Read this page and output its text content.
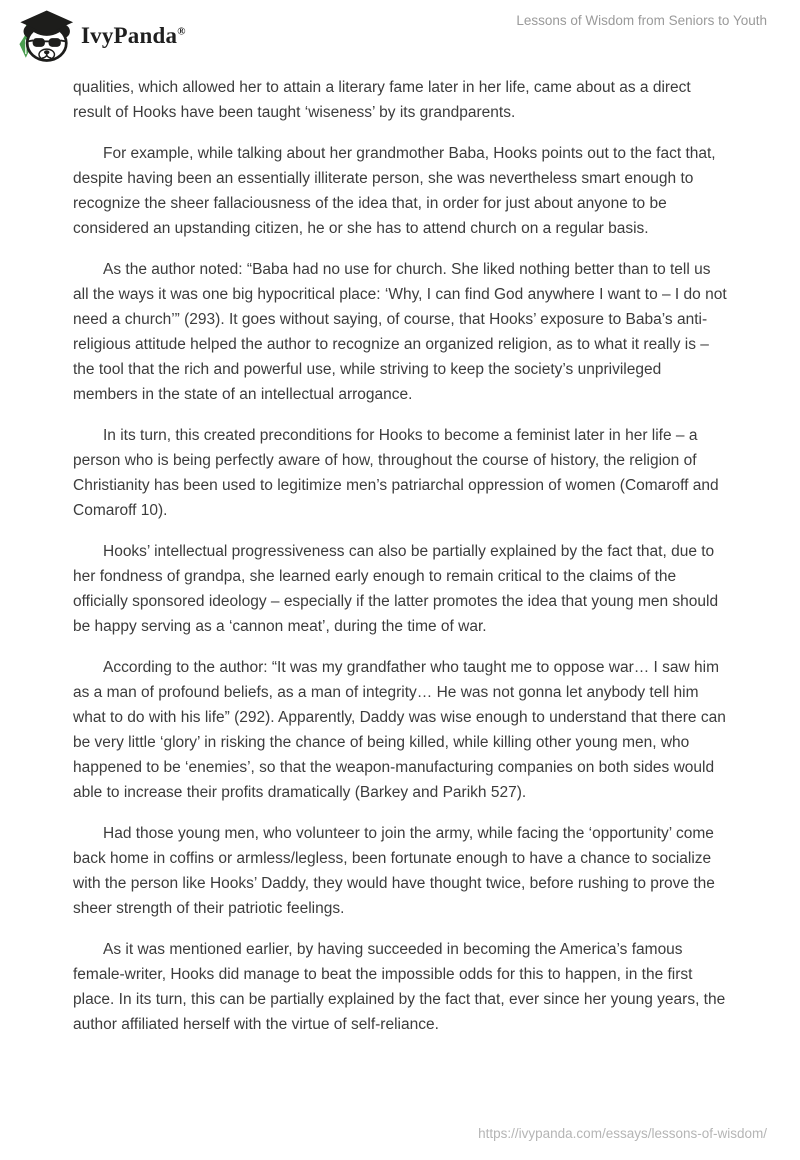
IvyPanda®
Lessons of Wisdom from Seniors to Youth

qualities, which allowed her to attain a literary fame later in her life, came about as a direct result of Hooks have been taught ‘wiseness’ by its grandparents.

For example, while talking about her grandmother Baba, Hooks points out to the fact that, despite having been an essentially illiterate person, she was nevertheless smart enough to recognize the sheer fallaciousness of the idea that, in order for just about anyone to be considered an upstanding citizen, he or she has to attend church on a regular basis.

As the author noted: “Baba had no use for church. She liked nothing better than to tell us all the ways it was one big hypocritical place: ‘Why, I can find God anywhere I want to – I do not need a church’” (293). It goes without saying, of course, that Hooks’ exposure to Baba’s anti-religious attitude helped the author to recognize an organized religion, as to what it really is – the tool that the rich and powerful use, while striving to keep the society’s unprivileged members in the state of an intellectual arrogance.

In its turn, this created preconditions for Hooks to become a feminist later in her life – a person who is being perfectly aware of how, throughout the course of history, the religion of Christianity has been used to legitimize men’s patriarchal oppression of women (Comaroff and Comaroff 10).

Hooks’ intellectual progressiveness can also be partially explained by the fact that, due to her fondness of grandpa, she learned early enough to remain critical to the claims of the officially sponsored ideology – especially if the latter promotes the idea that young men should be happy serving as a ‘cannon meat’, during the time of war.

According to the author: “It was my grandfather who taught me to oppose war… I saw him as a man of profound beliefs, as a man of integrity… He was not gonna let anybody tell him what to do with his life” (292). Apparently, Daddy was wise enough to understand that there can be very little ‘glory’ in risking the chance of being killed, while killing other young men, who happened to be ‘enemies’, so that the weapon-manufacturing companies on both sides would able to increase their profits dramatically (Barkey and Parikh 527).

Had those young men, who volunteer to join the army, while facing the ‘opportunity’ come back home in coffins or armless/legless, been fortunate enough to have a chance to socialize with the person like Hooks’ Daddy, they would have thought twice, before rushing to prove the sheer strength of their patriotic feelings.

As it was mentioned earlier, by having succeeded in becoming the America’s famous female-writer, Hooks did manage to beat the impossible odds for this to happen, in the first place. In its turn, this can be partially explained by the fact that, ever since her young years, the author affiliated herself with the virtue of self-reliance.

https://ivypanda.com/essays/lessons-of-wisdom/
